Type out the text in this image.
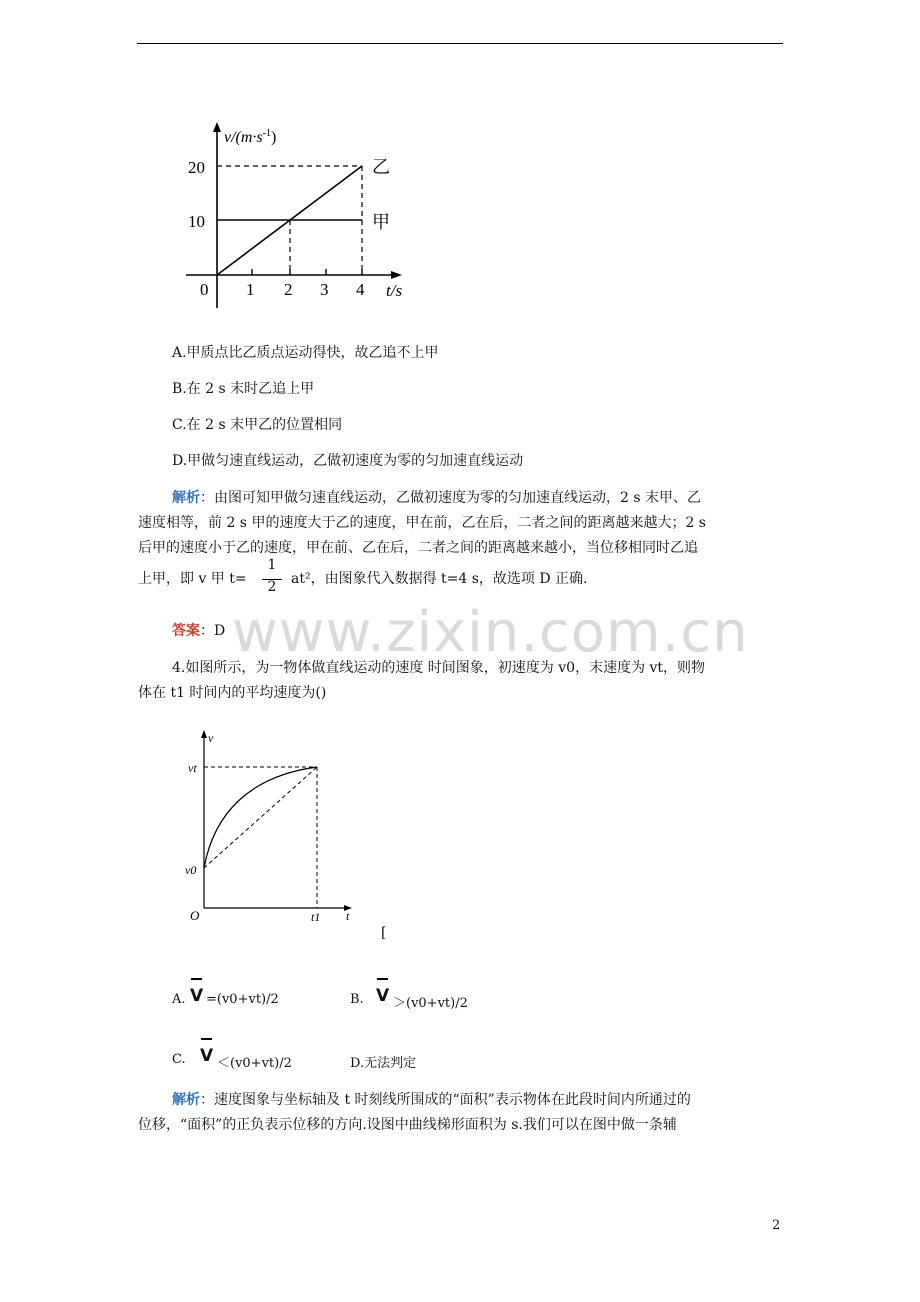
$v/(m\cdot s^{-1})$
20
10
0 1 2 3 4 t/s
乙
甲
A.甲质点比乙质点运动得快，故乙追不上甲
B.在 2 s 末时乙追上甲
C.在 2 s 末甲乙的位置相同
D.甲做匀速直线运动，乙做初速度为零的匀加速直线运动
解析：由图可知甲做匀速直线运动，乙做初速度为零的匀加速直线运动，2 s 末甲、乙
速度相等，前 2 s 甲的速度大于乙的速度，甲在前，乙在后，二者之间的距离越来越大；2 s
后甲的速度小于乙的速度，甲在前、乙在后，二者之间的距离越来越小，当位移相同时乙追
上甲，即 v 甲 t=
1
2	at²，由图象代入数据得 t=4 s，故选项 D 正确.
答案：D www.zixin.com.cn
4.如图所示，为一物体做直线运动的速度 时间图象，初速度为 v0，末速度为 vt，则物
体在 t1 时间内的平均速度为()
v
vt
v0
O	t1 t
[
A. V =(v0+vt)/2	B. V ＞(v0+vt)/2
C. V ＜(v0+vt)/2	D.无法判定
解析：速度图象与坐标轴及 t 时刻线所围成的“面积”表示物体在此段时间内所通过的
位移，“面积”的正负表示位移的方向.设图中曲线梯形面积为 s.我们可以在图中做一条辅
2
